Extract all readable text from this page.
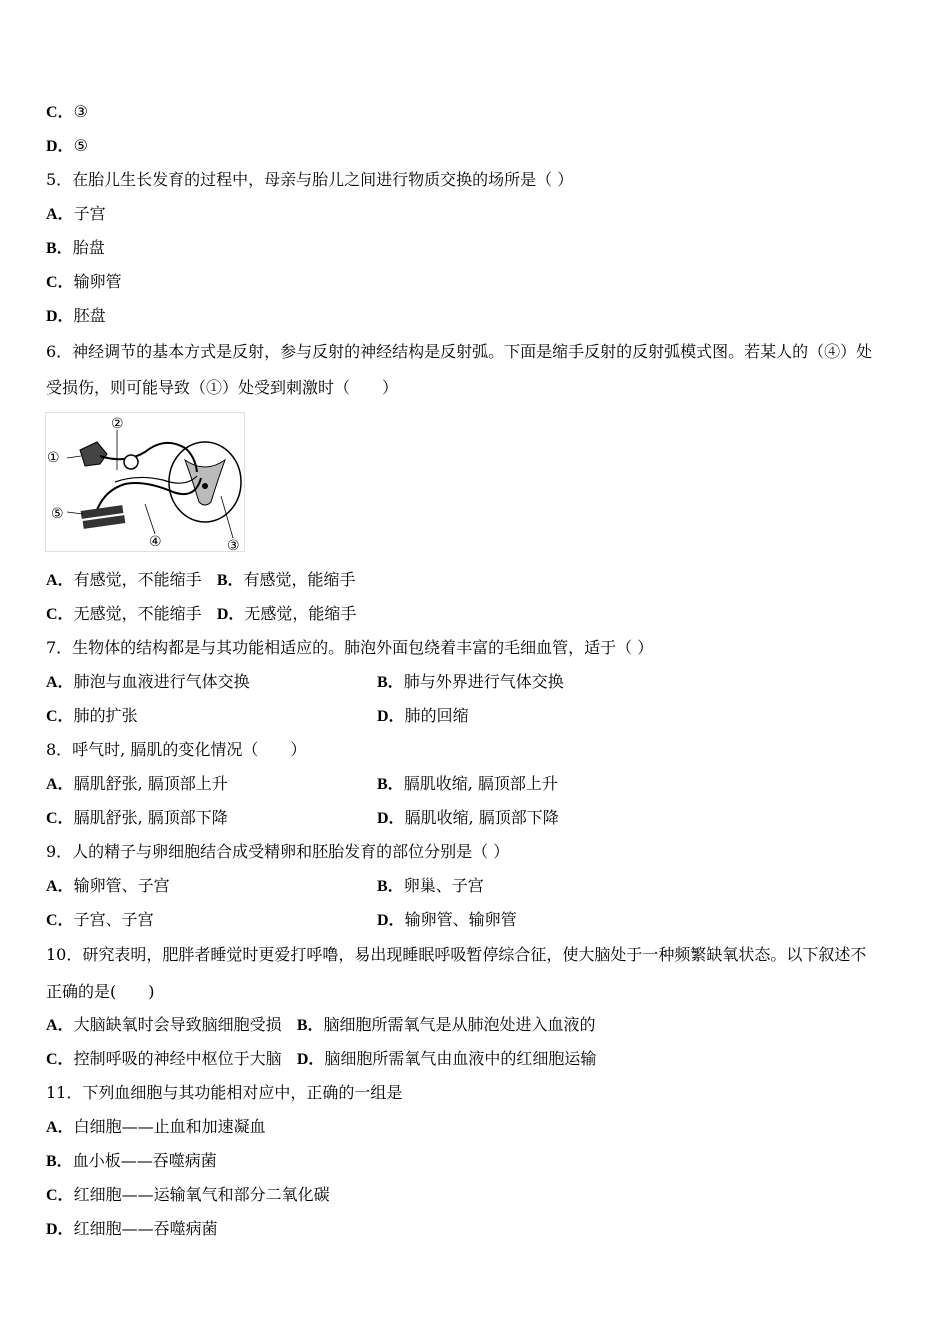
C．③
D．⑤
5．在胎儿生长发育的过程中，母亲与胎儿之间进行物质交换的场所是（ ）
A．子宫
B．胎盘
C．输卵管
D．胚盘
6．神经调节的基本方式是反射，参与反射的神经结构是反射弧。下面是缩手反射的反射弧模式图。若某人的（④）处
受损伤，则可能导致（①）处受到刺激时（　　）
①
②
③
④
⑤
A．有感觉，不能缩手 B．有感觉，能缩手
C．无感觉，不能缩手 D．无感觉，能缩手
7．生物体的结构都是与其功能相适应的。肺泡外面包绕着丰富的毛细血管，适于（ ）
A．肺泡与血液进行气体交换	B．肺与外界进行气体交换
C．肺的扩张	D．肺的回缩
8．呼气时, 膈肌的变化情况（　　）
A．膈肌舒张, 膈顶部上升	B．膈肌收缩, 膈顶部上升
C．膈肌舒张, 膈顶部下降	D．膈肌收缩, 膈顶部下降
9．人的精子与卵细胞结合成受精卵和胚胎发育的部位分别是（ ）
A．输卵管、子宫	B．卵巢、子宫
C．子宫、子宫	D．输卵管、输卵管
10．研究表明，肥胖者睡觉时更爱打呼噜，易出现睡眠呼吸暂停综合征，使大脑处于一种频繁缺氧状态。以下叙述不
正确的是(　　)
A．大脑缺氧时会导致脑细胞受损 B．脑细胞所需氧气是从肺泡处进入血液的
C．控制呼吸的神经中枢位于大脑 D．脑细胞所需氧气由血液中的红细胞运输
11．下列血细胞与其功能相对应中，正确的一组是
A．白细胞——止血和加速凝血
B．血小板——吞噬病菌
C．红细胞——运输氧气和部分二氧化碳
D．红细胞——吞噬病菌
